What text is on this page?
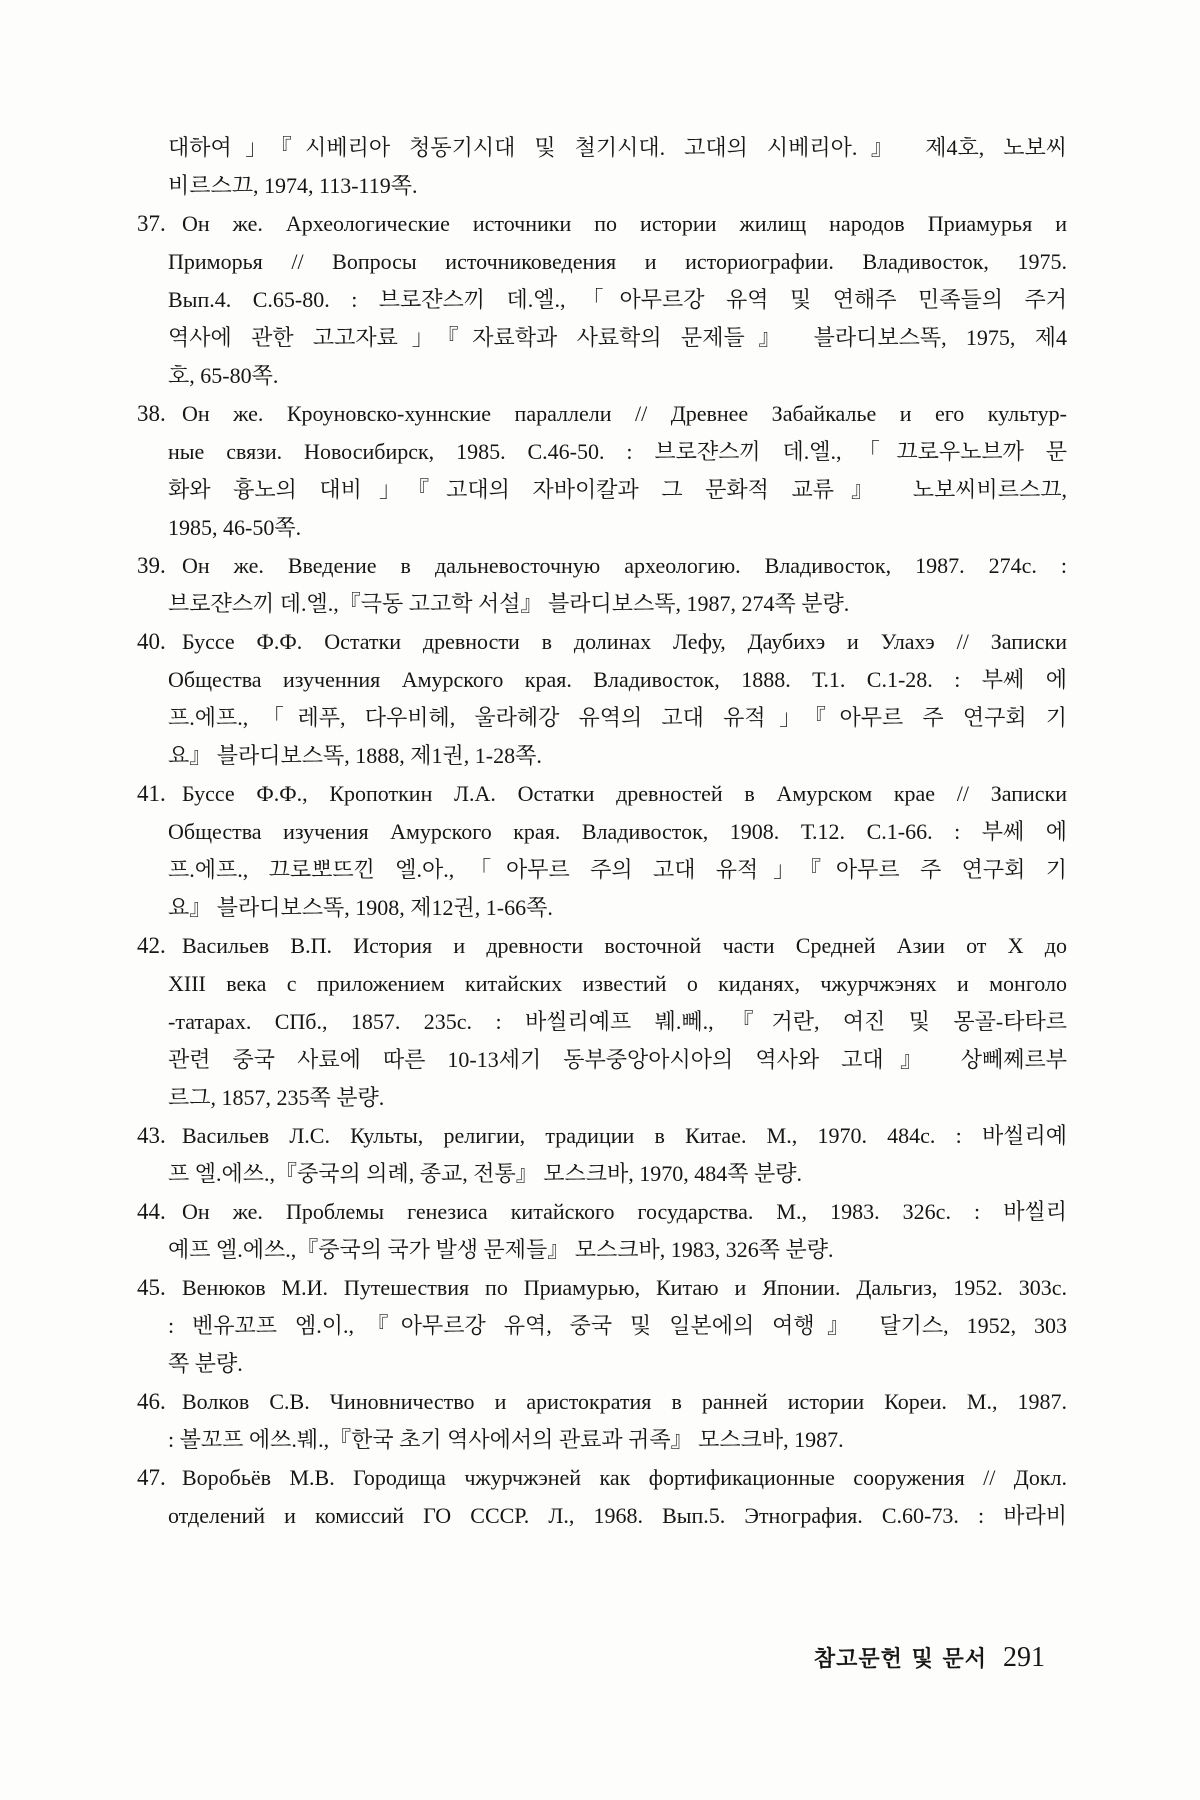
대하여」『시베리아 청동기시대 및 철기시대. 고대의 시베리아.』 제4호, 노보씨
비르스끄, 1974, 113-119쪽.
37. Он же. Археологические источники по истории жилищ народов Приамурья и
Приморья // Вопросы источниковедения и историографии. Владивосток, 1975.
Вып.4. С.65-80. : 브로쟌스끼 데.엘.,「아무르강 유역 및 연해주 민족들의 주거
역사에 관한 고고자료」『자료학과 사료학의 문제들』 블라디보스똑, 1975, 제4
호, 65-80쪽.
38. Он же. Кроуновско-хуннские параллели // Древнее Забайкалье и его культур-
ные связи. Новосибирск, 1985. С.46-50. : 브로쟌스끼 데.엘.,「끄로우노브까 문
화와 흉노의 대비」『고대의 자바이칼과 그 문화적 교류』 노보씨비르스끄,
1985, 46-50쪽.
39. Он же. Введение в дальневосточную археологию. Владивосток, 1987. 274с. :
브로쟌스끼 데.엘.,『극동 고고학 서설』 블라디보스똑, 1987, 274쪽 분량.
40. Буссе Ф.Ф. Остатки древности в долинах Лефу, Даубихэ и Улахэ // Записки
Общества изученния Амурского края. Владивосток, 1888. Т.1. С.1-28. : 부쎄 에
프.에프.,「레푸, 다우비헤, 울라헤강 유역의 고대 유적」『아무르 주 연구회 기
요』 블라디보스똑, 1888, 제1권, 1-28쪽.
41. Буссе Ф.Ф., Кропоткин Л.А. Остатки древностей в Амурском крае // Записки
Общества изучения Амурского края. Владивосток, 1908. Т.12. С.1-66. : 부쎄 에
프.에프., 끄로뽀뜨낀 엘.아.,「아무르 주의 고대 유적」『아무르 주 연구회 기
요』 블라디보스똑, 1908, 제12권, 1-66쪽.
42. Васильев В.П. История и древности восточной части Средней Азии от X до
XIII века с приложением китайских известий о киданях, чжурчжэнях и монголо
-татарах. СПб., 1857. 235с. : 바씰리예프 붸.뻬.,『거란, 여진 및 몽골-타타르
관련 중국 사료에 따른 10-13세기 동부중앙아시아의 역사와 고대』 상뻬쩨르부
르그, 1857, 235쪽 분량.
43. Васильев Л.С. Культы, религии, традиции в Китае. М., 1970. 484с. : 바씰리예
프 엘.에쓰.,『중국의 의례, 종교, 전통』 모스크바, 1970, 484쪽 분량.
44. Он же. Проблемы генезиса китайского государства. М., 1983. 326с. : 바씰리
예프 엘.에쓰.,『중국의 국가 발생 문제들』 모스크바, 1983, 326쪽 분량.
45. Венюков М.И. Путешествия по Приамурью, Китаю и Японии. Дальгиз, 1952. 303с.
: 벤유꼬프 엠.이.,『아무르강 유역, 중국 및 일본에의 여행』 달기스, 1952, 303
쪽 분량.
46. Волков С.В. Чиновничество и аристократия в ранней истории Кореи. М., 1987.
: 볼꼬프 에쓰.붸.,『한국 초기 역사에서의 관료과 귀족』 모스크바, 1987.
47. Воробьёв М.В. Городища чжурчжэней как фортификационные сооружения // Докл.
отделений и комиссий ГО СССР. Л., 1968. Вып.5. Этнография. С.60-73. : 바라비
참고문헌 및 문서 291
